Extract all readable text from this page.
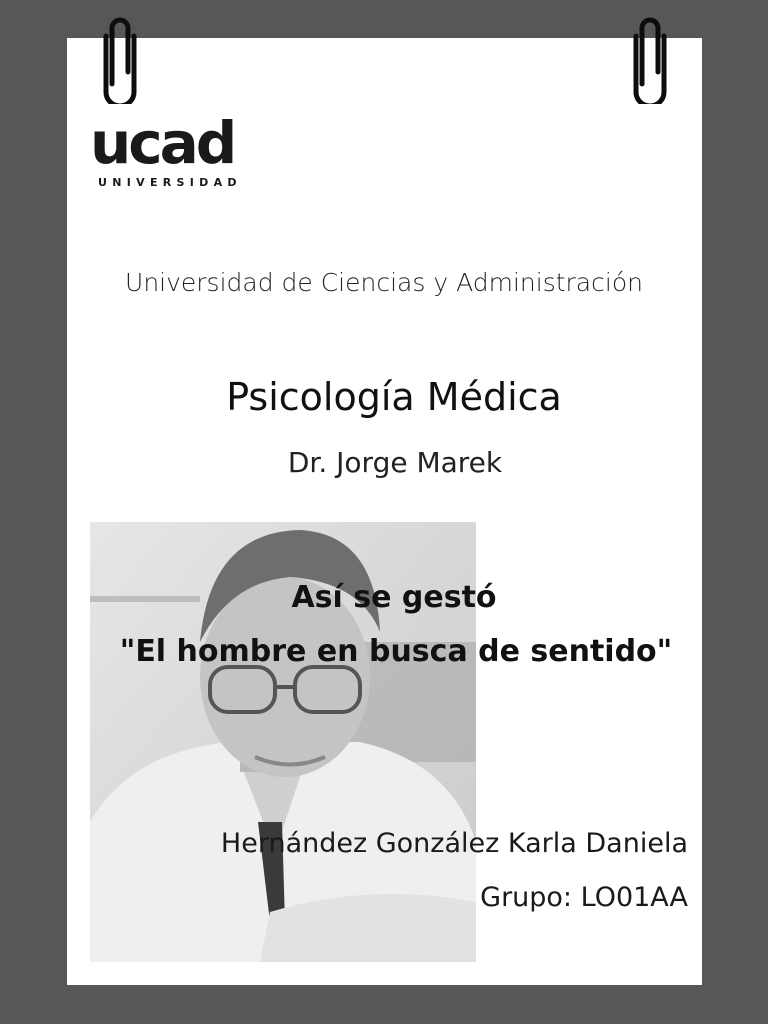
ucad
UNIVERSIDAD
Universidad de Ciencias y Administración
Psicología Médica
Dr. Jorge Marek
Así se gestó
"El hombre en busca de sentido"
Hernández González Karla Daniela
Grupo: LO01AA
